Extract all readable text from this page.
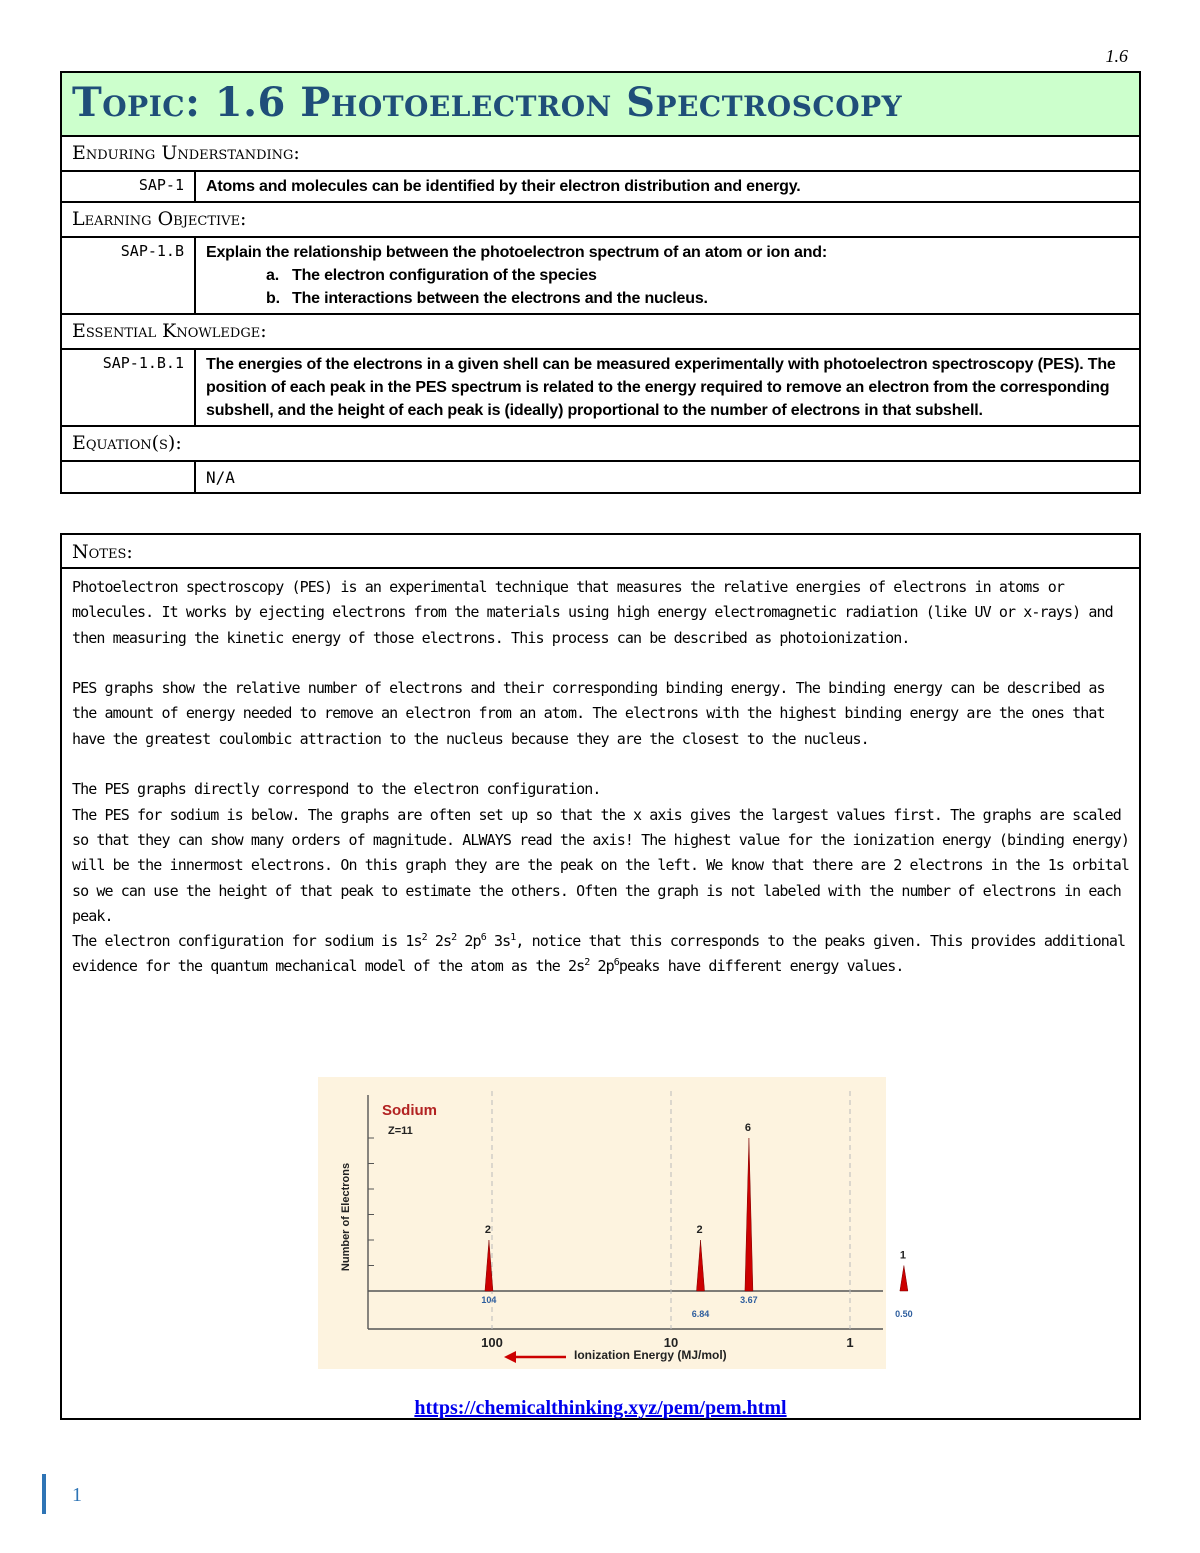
1.6
Topic: 1.6 Photoelectron Spectroscopy	
Enduring Understanding:	
SAP-1	Atoms and molecules can be identified by their electron distribution and energy.
Learning Objective:	
SAP-1.B	Explain the relationship between the photoelectron spectrum of an atom or ion and:
a. The electron configuration of the species
b. The interactions between the electrons and the nucleus.

Essential Knowledge:	
SAP-1.B.1	The energies of the electrons in a given shell can be measured experimentally with photoelectron spectroscopy (PES). The position of each peak in the PES spectrum is related to the energy required to remove an electron from the corresponding subshell, and the height of each peak is (ideally) proportional to the number of electrons in that subshell.
Equation(s):	
	N/A
Notes:

Photoelectron spectroscopy (PES) is an experimental technique that measures the relative energies of electrons in atoms or molecules. It works by ejecting electrons from the materials using high energy electromagnetic radiation (like UV or x-rays) and then measuring the kinetic energy of those electrons. This process can be described as photoionization.

PES graphs show the relative number of electrons and their corresponding binding energy. The binding energy can be described as the amount of energy needed to remove an electron from an atom. The electrons with the highest binding energy are the ones that have the greatest coulombic attraction to the nucleus because they are the closest to the nucleus.

The PES graphs directly correspond to the electron configuration.

The PES for sodium is below. The graphs are often set up so that the x axis gives the largest values first. The graphs are scaled so that they can show many orders of magnitude. ALWAYS read the axis! The highest value for the ionization energy (binding energy) will be the innermost electrons. On this graph they are the peak on the left. We know that there are 2 electrons in the 1s orbital so we can use the height of that peak to estimate the others. Often the graph is not labeled with the number of electrons in each peak.

The electron configuration for sodium is $1s^2$ $2s^2$ $2p^6$ $3s^1$, notice that this corresponds to the peaks given. This provides additional evidence for the quantum mechanical model of the atom as the $2s^2$ $2p^6peaks$ have different energy values.

Sodium
Z=11
Number of Electrons
Ionization Energy (MJ/mol)
100	10	1
2
104
2
6.84
6
3.67
1
0.50
https://chemicalthinking.xyz/pem/pem.html
1
